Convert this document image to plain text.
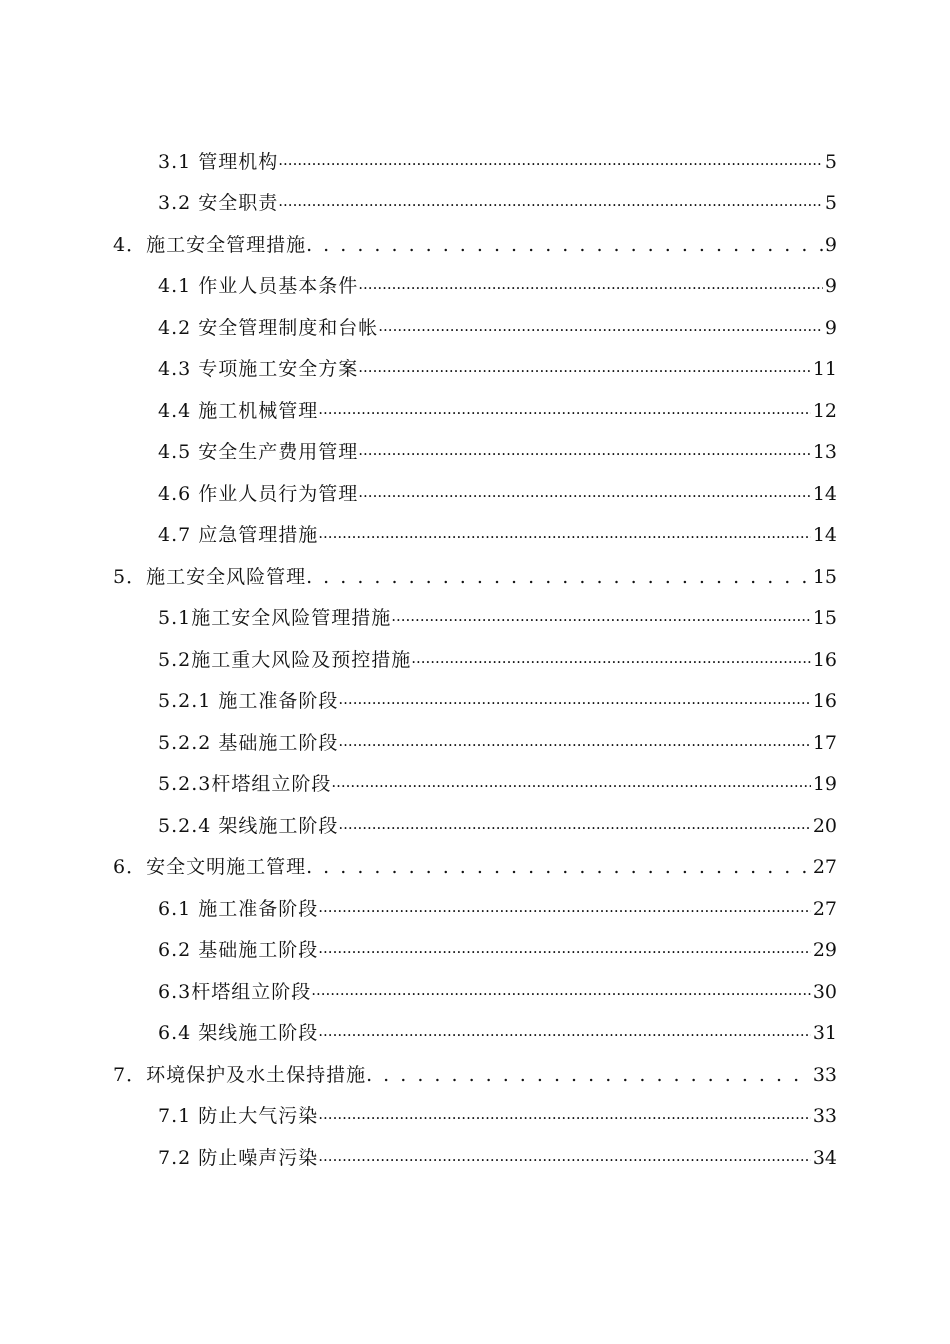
3.1 管理机构 .....	5
3.2 安全职责 .....	5
4．施工安全管理措施 . . .	9
4.1 作业人员基本条件 .....	9
4.2 安全管理制度和台帐 .....	9
4.3 专项施工安全方案 .....	11
4.4 施工机械管理 .....	12
4.5 安全生产费用管理 .....	13
4.6 作业人员行为管理 .....	14
4.7 应急管理措施 .....	14
5．施工安全风险管理 . . .	15
5.1施工安全风险管理措施 .....	15
5.2施工重大风险及预控措施 .....	16
5.2.1 施工准备阶段 .....	16
5.2.2 基础施工阶段 .....	17
5.2.3杆塔组立阶段 .....	19
5.2.4 架线施工阶段 .....	20
6．安全文明施工管理 . . .	27
6.1 施工准备阶段 .....	27
6.2 基础施工阶段 .....	29
6.3杆塔组立阶段 .....	30
6.4 架线施工阶段 .....	31
7．环境保护及水土保持措施 . . .	33
7.1 防止大气污染 .....	33
7.2 防止噪声污染 .....	34
